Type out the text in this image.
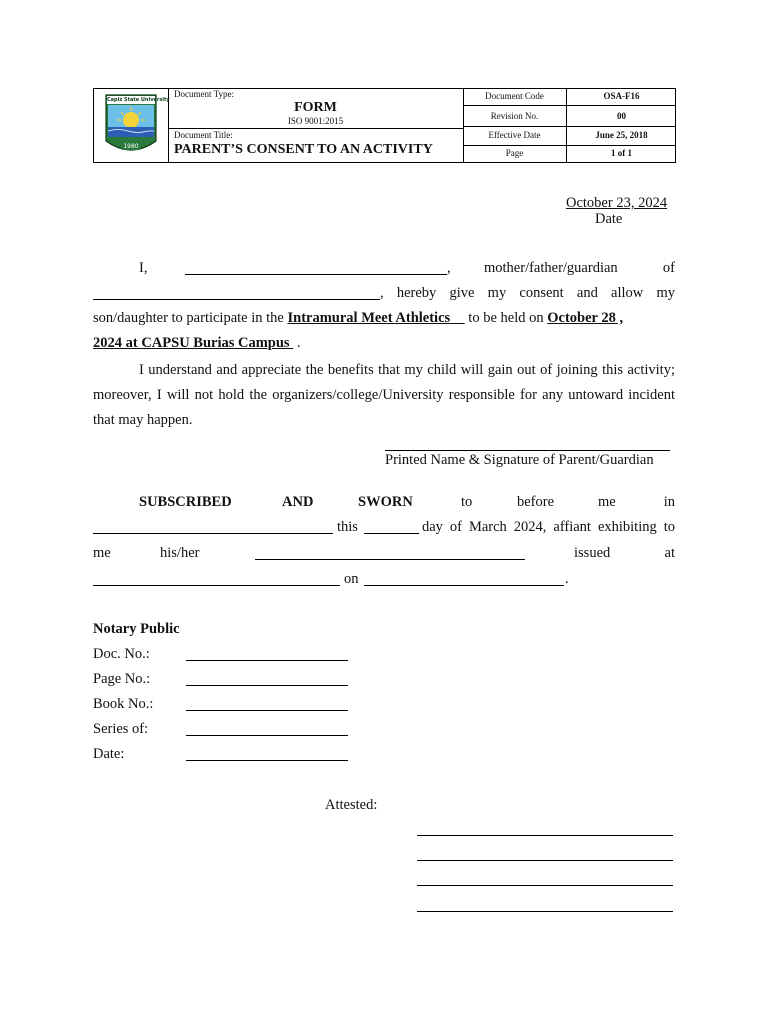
Capiz State University
1980
Document Type:
FORM
ISO 9001:2015
Document Title:
PARENT’S CONSENT TO AN ACTIVITY
Document Code	OSA-F16
Revision No.	00
Effective Date	June 25, 2018
Page	1 of 1
October 23, 2024
Date
I,	, mother/father/guardian	of
, hereby give my consent and allow my
son/daughter to participate in the Intramural Meet Athletics to be held on October 28 ,
2024 at CAPSU Burias Campus  .
I understand and appreciate the benefits that my child will gain out of joining this activity; moreover, I will not hold the organizers/college/University responsible for any untoward incident that may happen.
Printed Name & Signature of Parent/Guardian
SUBSCRIBED	AND	SWORN	to	before	me	in
this	day of March 2024, affiant exhibiting to
me	his/her	issued	at
on	.
Notary Public
Doc. No.:
Page No.:
Book No.:
Series of:
Date:
Attested:
